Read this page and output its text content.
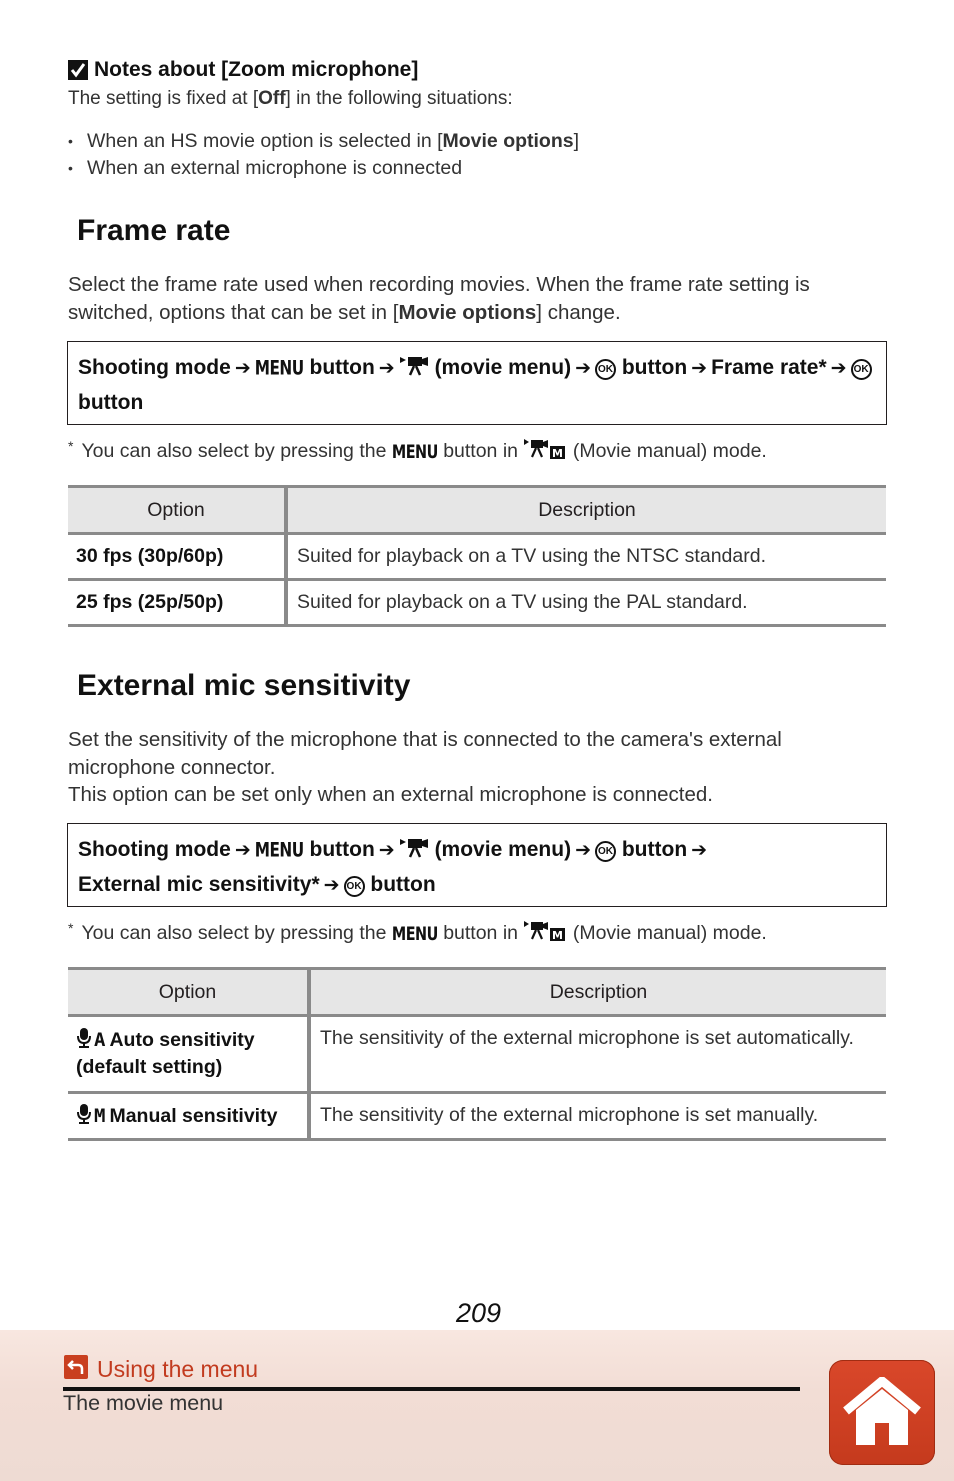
Notes about [Zoom microphone]
The setting is fixed at [Off] in the following situations:
• When an HS movie option is selected in [Movie options]
• When an external microphone is connected
Frame rate

Select the frame rate used when recording movies. When the frame rate setting is switched, options that can be set in [Movie options] change.

Shooting mode ➔ MENU button ➔ (movie menu) ➔ OK button ➔ Frame rate* ➔ OK button
* You can also select by pressing the MENU button in	M (Movie manual) mode.
Option	Description
30 fps (30p/60p)	Suited for playback on a TV using the NTSC standard.
25 fps (25p/50p)	Suited for playback on a TV using the PAL standard.
External mic sensitivity

Set the sensitivity of the microphone that is connected to the camera's external microphone connector.

This option can be set only when an external microphone is connected.

Shooting mode ➔ MENU button ➔ (movie menu) ➔ OK button ➔
External mic sensitivity* ➔ OK button
* You can also select by pressing the MENU button in	M (Movie manual) mode.
Option	Description
A Auto sensitivity
(default setting)	The sensitivity of the external microphone is set automatically.
M Manual sensitivity	The sensitivity of the external microphone is set manually.
209
Using the menu
The movie menu
